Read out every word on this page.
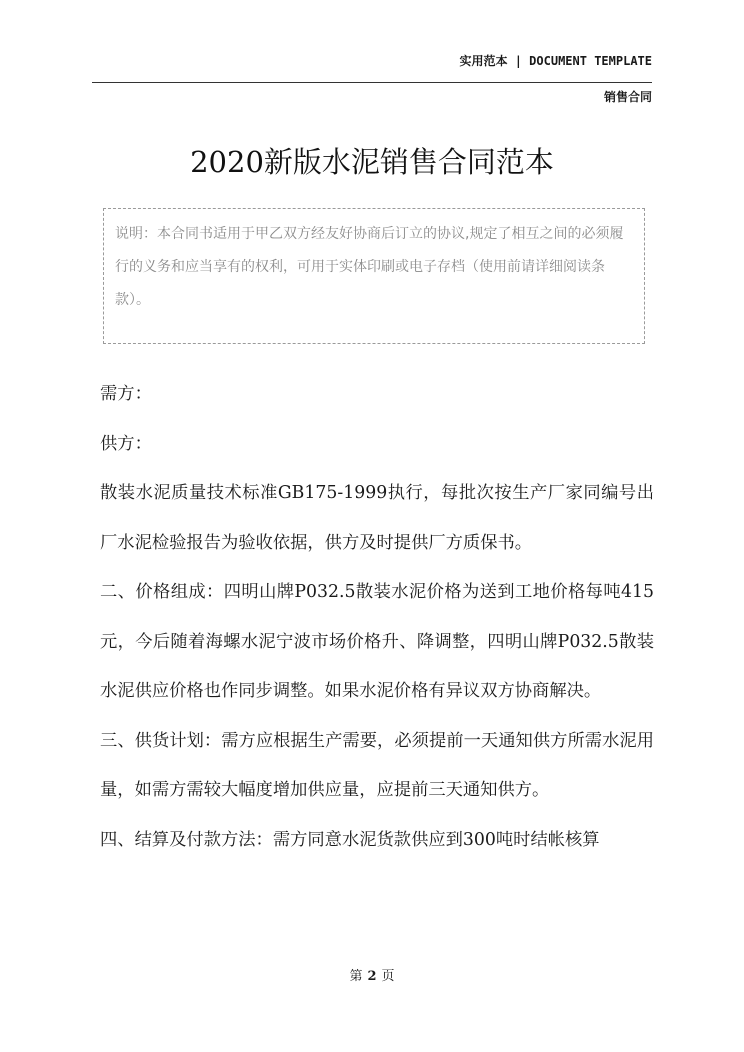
实用范本 | DOCUMENT TEMPLATE
销售合同
2020新版水泥销售合同范本

说明：本合同书适用于甲乙双方经友好协商后订立的协议,规定了相互之间的必须履行的义务和应当享有的权利，可用于实体印刷或电子存档（使用前请详细阅读条款）。

需方：

供方：

散装水泥质量技术标准GB175-1999执行，每批次按生产厂家同编号出厂水泥检验报告为验收依据，供方及时提供厂方质保书。

二、价格组成：四明山牌P032.5散装水泥价格为送到工地价格每吨415元，今后随着海螺水泥宁波市场价格升、降调整，四明山牌P032.5散装水泥供应价格也作同步调整。如果水泥价格有异议双方协商解决。

三、供货计划：需方应根据生产需要，必须提前一天通知供方所需水泥用量，如需方需较大幅度增加供应量，应提前三天通知供方。

四、结算及付款方法：需方同意水泥货款供应到300吨时结帐核算

第 2 页
